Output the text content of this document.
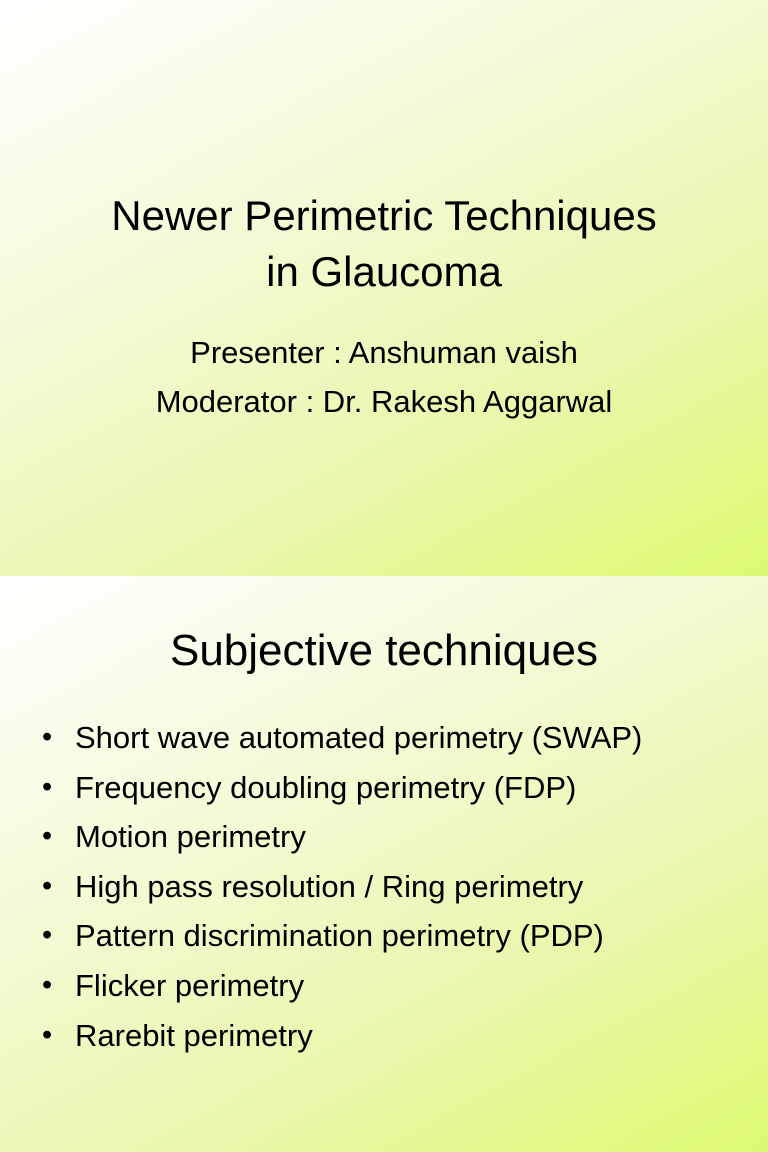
Newer Perimetric Techniques
in Glaucoma
Presenter : Anshuman vaish
Moderator : Dr. Rakesh Aggarwal
Subjective techniques
• Short wave automated perimetry (SWAP)
• Frequency doubling perimetry (FDP)
• Motion perimetry
• High pass resolution / Ring perimetry
• Pattern discrimination perimetry (PDP)
• Flicker perimetry
• Rarebit perimetry
